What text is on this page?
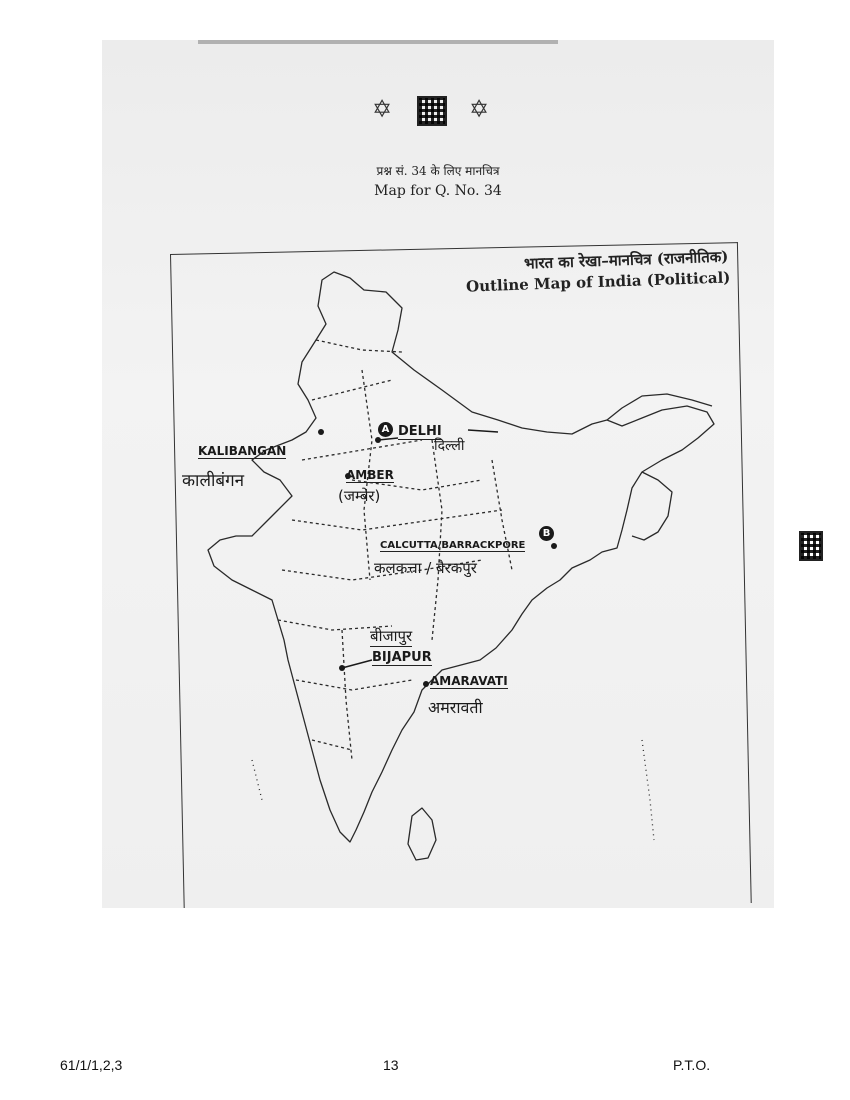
✡	✡
प्रश्न सं. 34 के लिए मानचित्र
Map for Q. No. 34

भारत का रेखा–मानचित्र (राजनीतिक)
Outline Map of India (Political)
A
B
DELHI
दिल्ली
KALIBANGAN
कालीबंगन	AMBER
(जम्बेर)
CALCUTTA/BARRACKPORE
कलकत्ता / बैरकपुर
बीजापुर
BIJAPUR
AMARAVATI
अमरावती
61/1/1,2,3	13	P.T.O.
